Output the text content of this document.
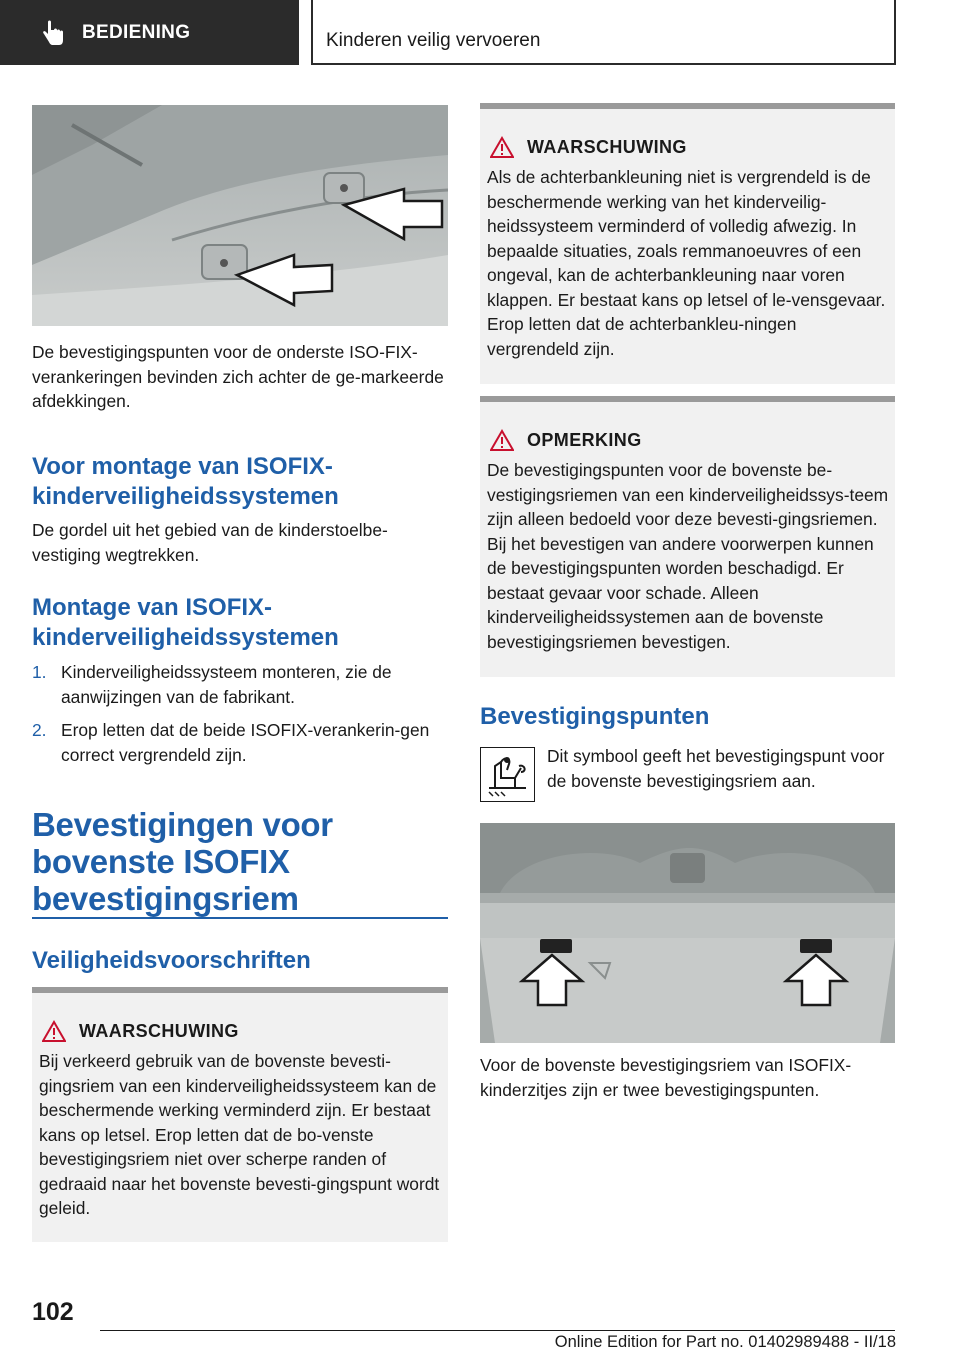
BEDIENING	Kinderen veilig vervoeren
De bevestigingspunten voor de onderste ISO-FIX-verankeringen bevinden zich achter de ge-markeerde afdekkingen.
Voor montage van ISOFIX-kinderveiligheidssystemen
De gordel uit het gebied van de kinderstoelbe-vestiging wegtrekken.
Montage van ISOFIX-kinderveiligheidssystemen
1. Kinderveiligheidssysteem monteren, zie de aanwijzingen van de fabrikant.
2. Erop letten dat de beide ISOFIX-verankerin-gen correct vergrendeld zijn.
Bevestigingen voor bovenste ISOFIX bevestigingsriem
Veiligheidsvoorschriften
WAARSCHUWING
Bij verkeerd gebruik van de bovenste bevesti-gingsriem van een kinderveiligheidssysteem kan de beschermende werking verminderd zijn. Er bestaat kans op letsel. Erop letten dat de bo-venste bevestigingsriem niet over scherpe randen of gedraaid naar het bovenste bevesti-gingspunt wordt geleid.
WAARSCHUWING
Als de achterbankleuning niet is vergrendeld is de beschermende werking van het kinderveilig-heidssysteem verminderd of volledig afwezig. In bepaalde situaties, zoals remmanoeuvres of een ongeval, kan de achterbankleuning naar voren klappen. Er bestaat kans op letsel of le-vensgevaar. Erop letten dat de achterbankleu-ningen vergrendeld zijn.
OPMERKING
De bevestigingspunten voor de bovenste be-vestigingsriemen van een kinderveiligheidssys-teem zijn alleen bedoeld voor deze bevesti-gingsriemen. Bij het bevestigen van andere voorwerpen kunnen de bevestigingspunten worden beschadigd. Er bestaat gevaar voor schade. Alleen kinderveiligheidssystemen aan de bovenste bevestigingsriemen bevestigen.
Bevestigingspunten
Dit symbool geeft het bevestigingspunt voor de bovenste bevestigingsriem aan.
Voor de bovenste bevestigingsriem van ISOFIX-kinderzitjes zijn er twee bevestigingspunten.
102
Online Edition for Part no. 01402989488 - II/18
